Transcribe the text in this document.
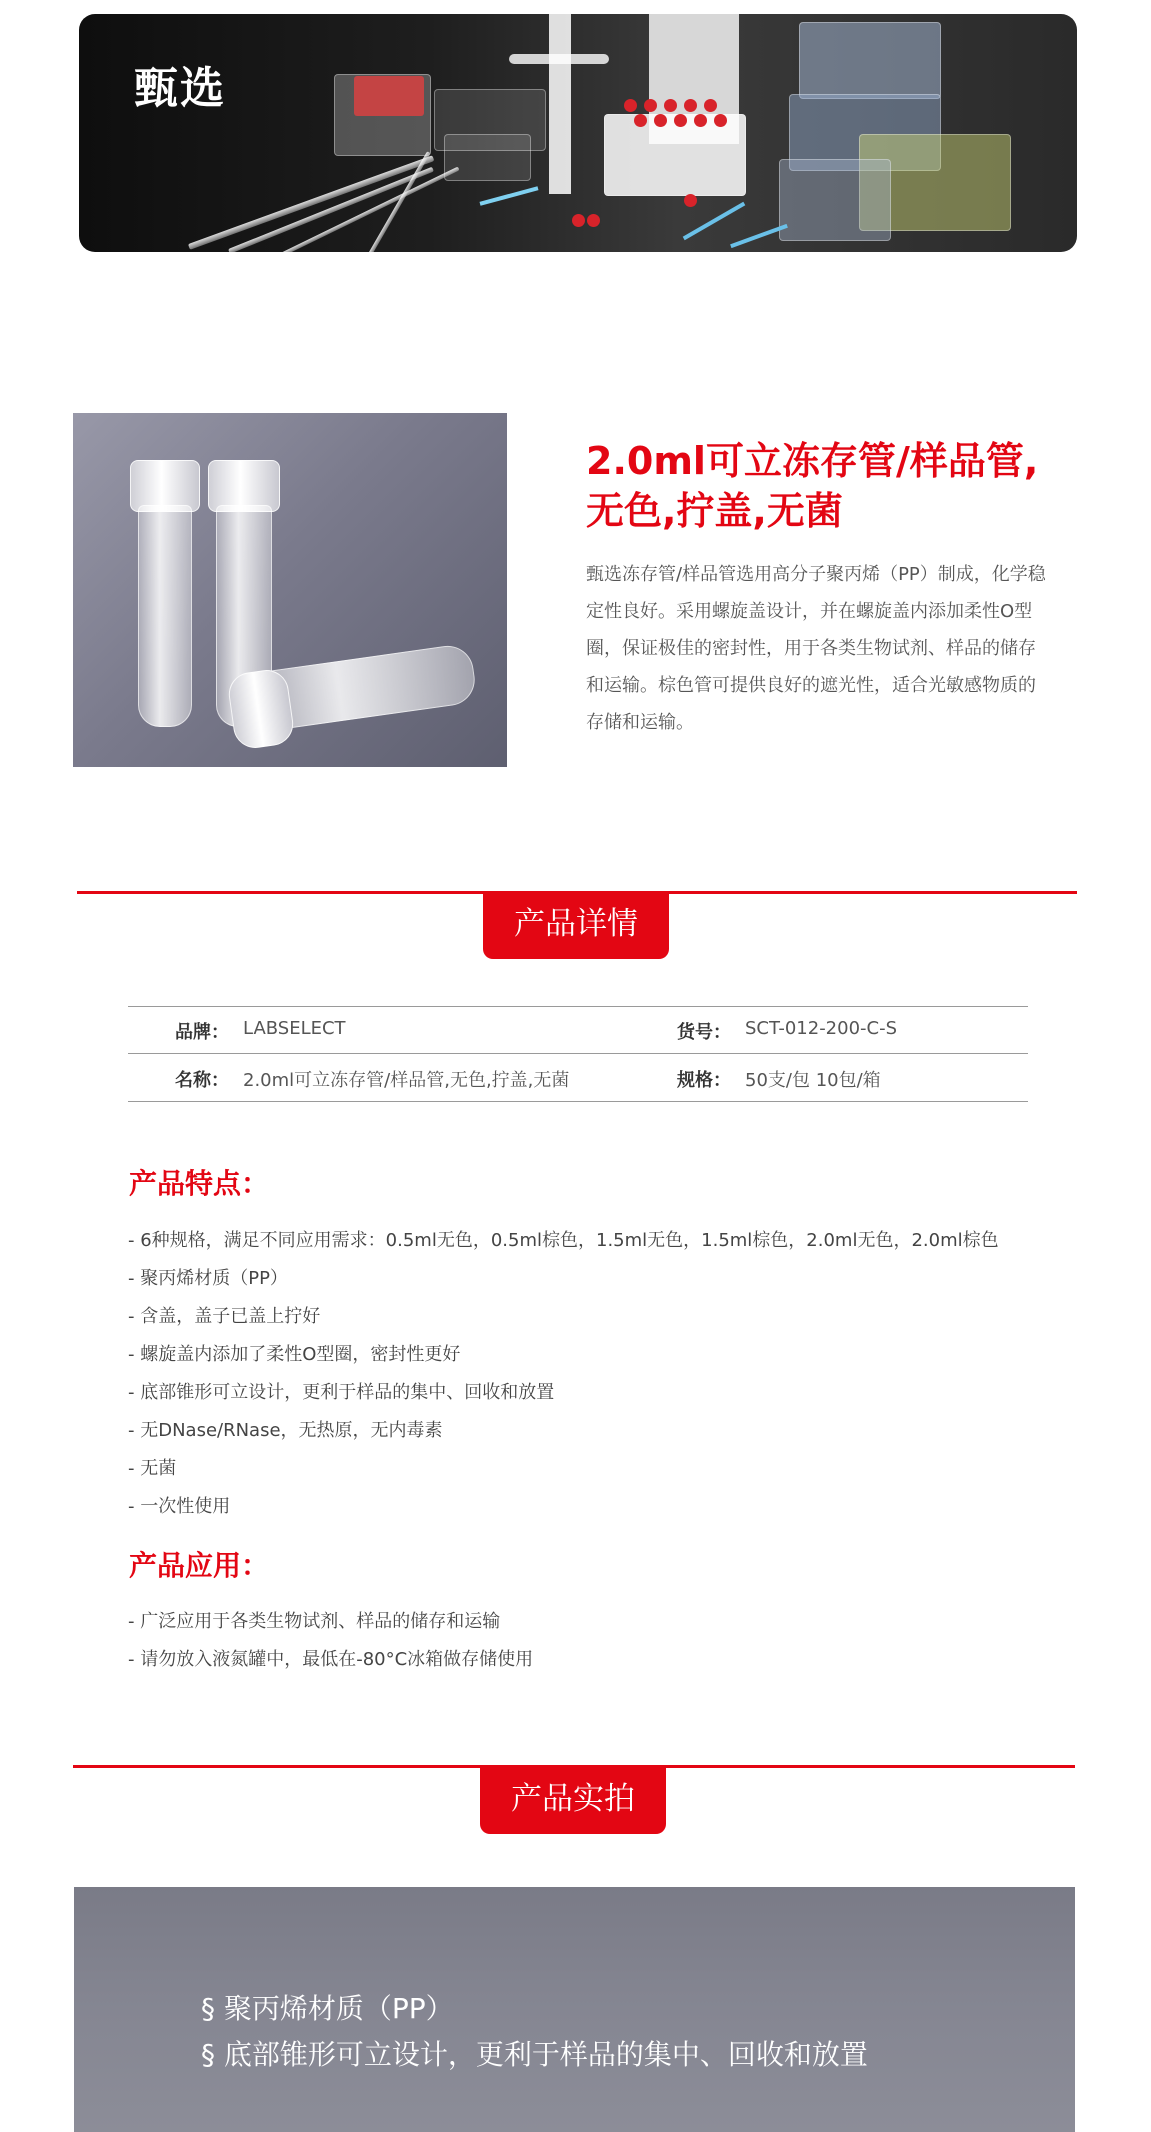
甄选
2.0ml可立冻存管/样品管,
无色,拧盖,无菌
甄选冻存管/样品管选用高分子聚丙烯（PP）制成，化学稳定性良好。采用螺旋盖设计，并在螺旋盖内添加柔性O型圈，保证极佳的密封性，用于各类生物试剂、样品的储存和运输。棕色管可提供良好的遮光性，适合光敏感物质的存储和运输。
产品详情
品牌： LABSELECT	货号： SCT-012-200-C-S
名称： 2.0ml可立冻存管/样品管,无色,拧盖,无菌	规格： 50支/包 10包/箱
产品特点：
- 6种规格，满足不同应用需求：0.5ml无色，0.5ml棕色，1.5ml无色，1.5ml棕色，2.0ml无色，2.0ml棕色
- 聚丙烯材质（PP）
- 含盖，盖子已盖上拧好
- 螺旋盖内添加了柔性O型圈，密封性更好
- 底部锥形可立设计，更利于样品的集中、回收和放置
- 无DNase/RNase，无热原，无内毒素
- 无菌
- 一次性使用
产品应用：
- 广泛应用于各类生物试剂、样品的储存和运输
- 请勿放入液氮罐中，最低在-80°C冰箱做存储使用
产品实拍
§ 聚丙烯材质（PP）
§ 底部锥形可立设计，更利于样品的集中、回收和放置
